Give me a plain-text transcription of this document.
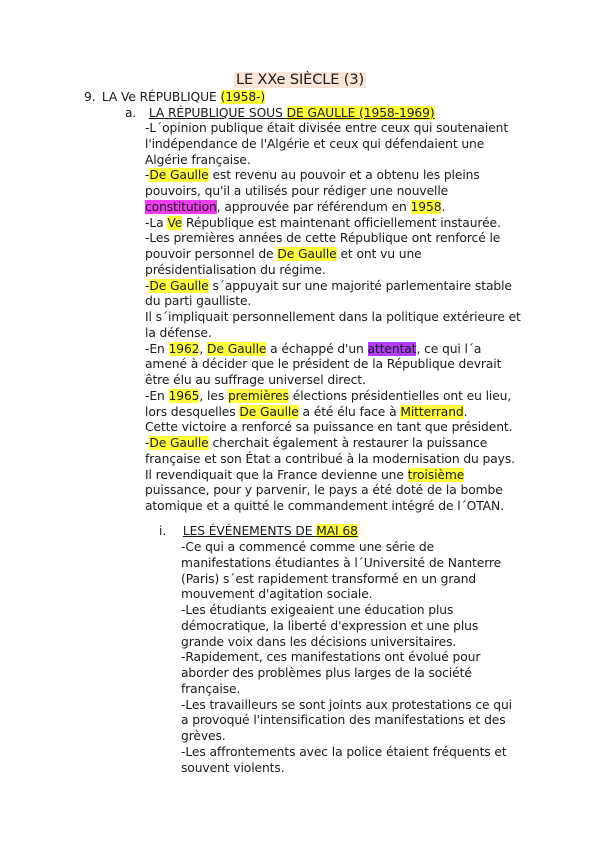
LE XXe SIÈCLE (3)
9. LA Ve RÉPUBLIQUE (1958-)
a. LA RÉPUBLIQUE SOUS DE GAULLE (1958-1969)

-L´opinion publique était divisée entre ceux qui soutenaient l'indépendance de l'Algérie et ceux qui défendaient une Algérie française.

-De Gaulle est revenu au pouvoir et a obtenu les pleins pouvoirs, qu'il a utilisés pour rédiger une nouvelle constitution, approuvée par référendum en 1958.

-La Ve République est maintenant officiellement instaurée.

-Les premières années de cette République ont renforcé le pouvoir personnel de De Gaulle et ont vu une présidentialisation du régime.

-De Gaulle s´appuyait sur une majorité parlementaire stable du parti gaulliste.

Il s´impliquait personnellement dans la politique extérieure et la défense.

-En 1962, De Gaulle a échappé d'un attentat, ce qui l´a amené à décider que le président de la République devrait être élu au suffrage universel direct.

-En 1965, les premières élections présidentielles ont eu lieu, lors desquelles De Gaulle a été élu face à Mitterrand.

Cette victoire a renforcé sa puissance en tant que président.

-De Gaulle cherchait également à restaurer la puissance française et son État a contribué à la modernisation du pays.

Il revendiquait que la France devienne une troisième puissance, pour y parvenir, le pays a été doté de la bombe atomique et a quitté le commandement intégré de l´OTAN.

i. LES ÉVÉNEMENTS DE MAI 68

-Ce qui a commencé comme une série de manifestations étudiantes à l´Université de Nanterre (Paris) s´est rapidement transformé en un grand mouvement d'agitation sociale.

-Les étudiants exigeaient une éducation plus démocratique, la liberté d'expression et une plus grande voix dans les décisions universitaires.

-Rapidement, ces manifestations ont évolué pour aborder des problèmes plus larges de la société française.

-Les travailleurs se sont joints aux protestations ce qui a provoqué l'intensification des manifestations et des grèves.

-Les affrontements avec la police étaient fréquents et souvent violents.
